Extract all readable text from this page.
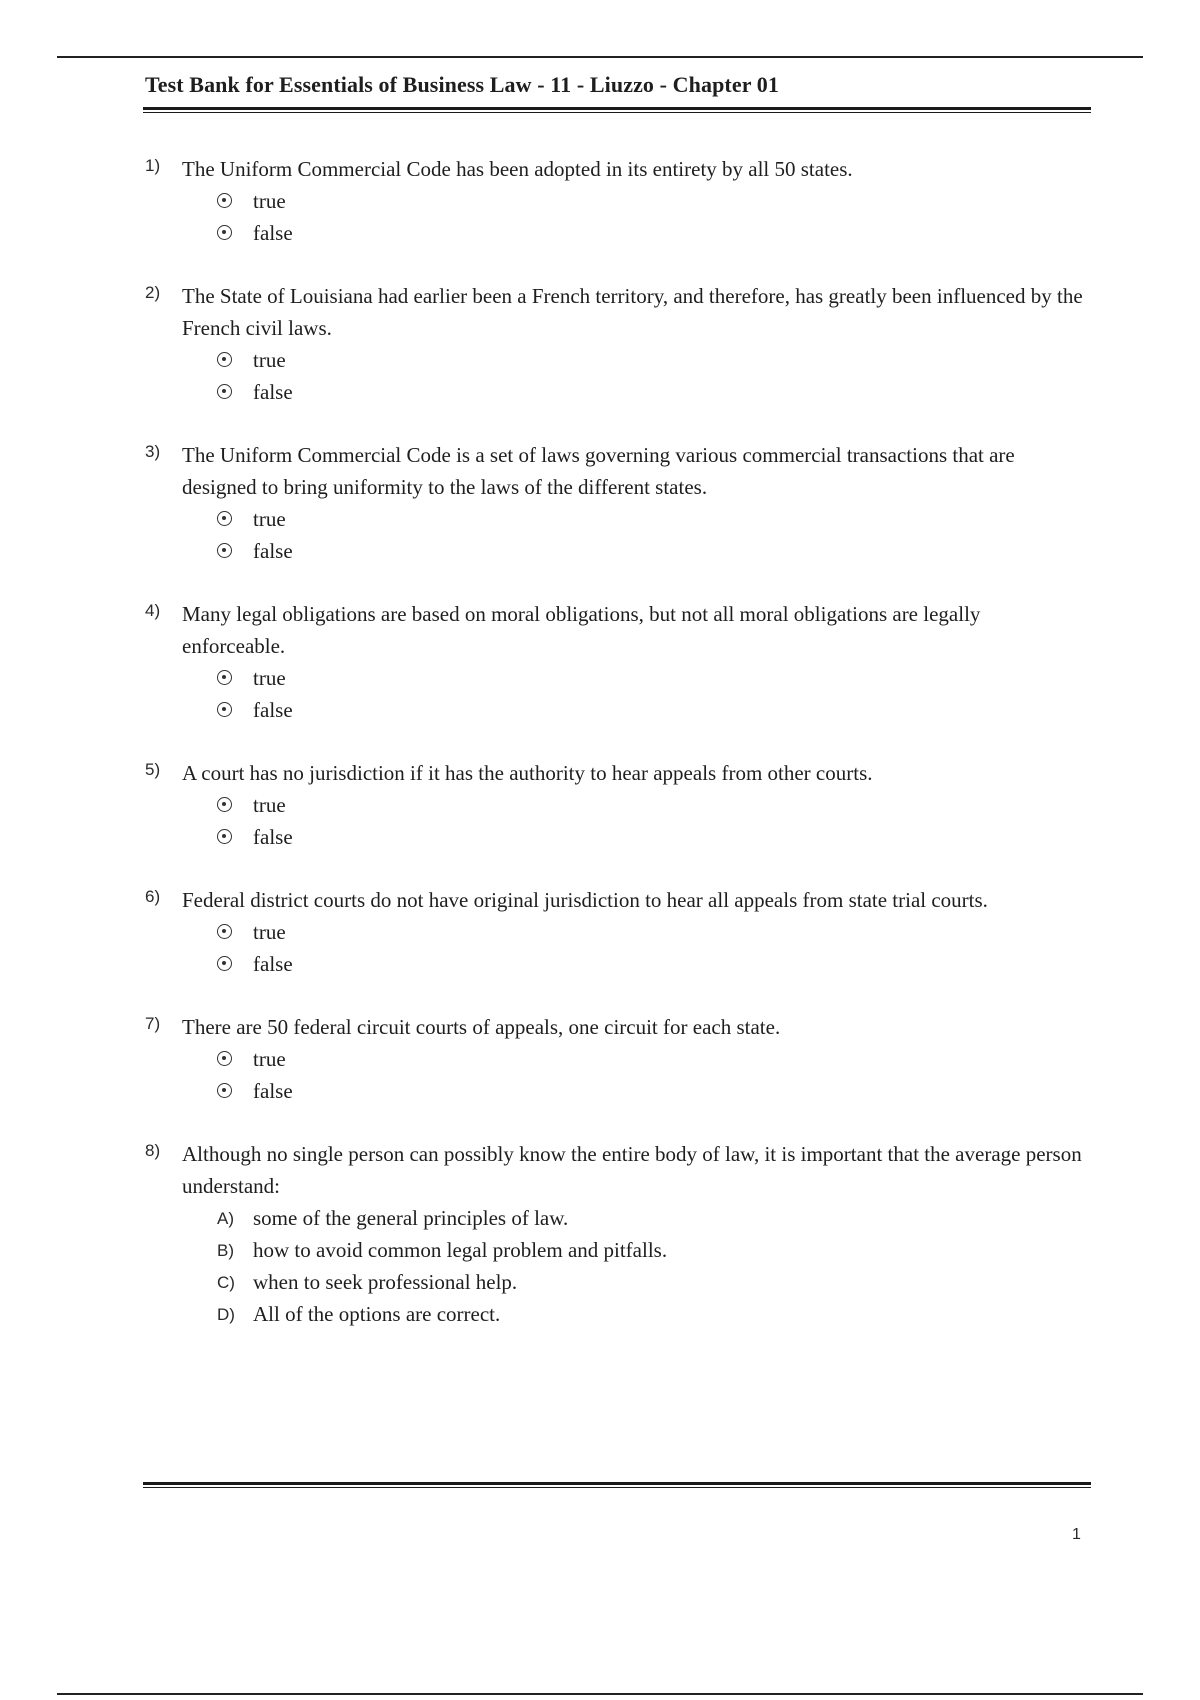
Test Bank for Essentials of Business Law - 11 - Liuzzo - Chapter 01
1) The Uniform Commercial Code has been adopted in its entirety by all 50 states.
true
false
2) The State of Louisiana had earlier been a French territory, and therefore, has greatly been influenced by the French civil laws.
true
false
3) The Uniform Commercial Code is a set of laws governing various commercial transactions that are designed to bring uniformity to the laws of the different states.
true
false
4) Many legal obligations are based on moral obligations, but not all moral obligations are legally enforceable.
true
false
5) A court has no jurisdiction if it has the authority to hear appeals from other courts.
true
false
6) Federal district courts do not have original jurisdiction to hear all appeals from state trial courts.
true
false
7) There are 50 federal circuit courts of appeals, one circuit for each state.
true
false
8) Although no single person can possibly know the entire body of law, it is important that the average person understand:
A) some of the general principles of law.
B) how to avoid common legal problem and pitfalls.
C) when to seek professional help.
D) All of the options are correct.
1
